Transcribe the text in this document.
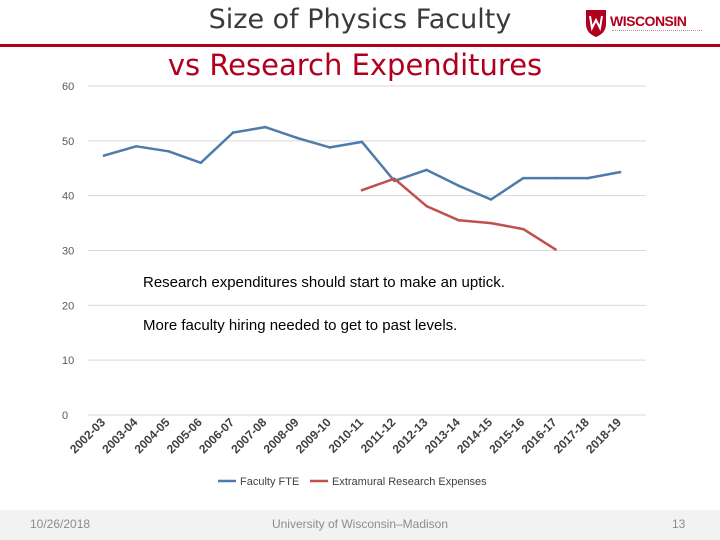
Size of Physics Faculty	WISCONSIN
vs Research Expenditures
0
10
20
30
40
50
60
2002-03
2003-04
2004-05
2005-06
2006-07
2007-08
2008-09
2009-10
2010-11
2011-12
2012-13
2013-14
2014-15
2015-16
2016-17
2017-18
2018-19
Research expenditures should start to make an uptick.
More faculty hiring needed to get to past levels.
Faculty FTE	Extramural Research Expenses
10/26/2018	University of Wisconsin–Madison	13
